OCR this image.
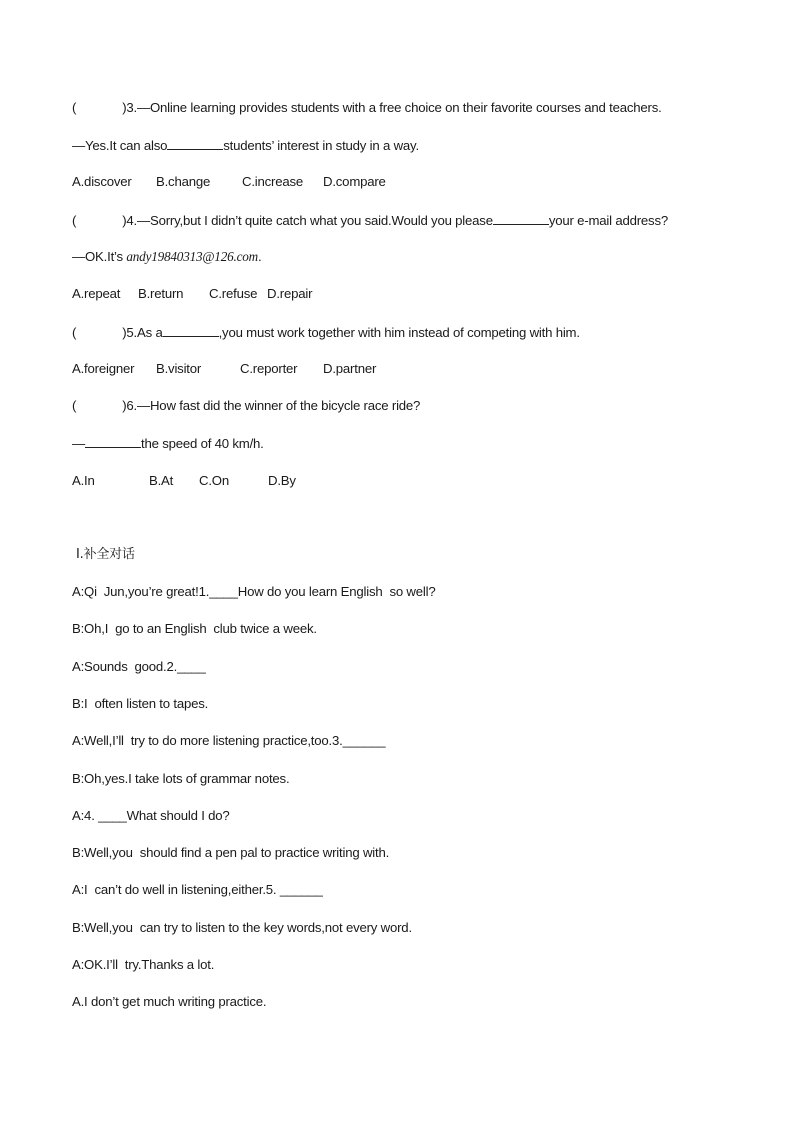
(	)3.—Online learning provides students with a free choice on their favorite courses and teachers.
—Yes.It can also	students’ interest in study in a way.
A.discover B.change C.increase D.compare
(	)4.—Sorry,but I didn’t quite catch what you said.Would you please	your e-mail address?
—OK.It’s andy19840313@126.com.
A.repeat B.return C.refuse D.repair
(	)5.As a	,you must work together with him instead of competing with him.
A.foreigner B.visitor	C.reporter D.partner
(	)6.—How fast did the winner of the bicycle race ride?
—	the speed of 40 km/h.
A.In	B.At C.On	D.By
Ⅰ.补全对话
A:Qi  Jun,you’re great!1.____How do you learn English  so well?
B:Oh,I  go to an English  club twice a week.
A:Sounds  good.2.____
B:I  often listen to tapes.
A:Well,I’ll  try to do more listening practice,too.3.______
B:Oh,yes.I take lots of grammar notes.
A:4. ____What should I do?
B:Well,you  should find a pen pal to practice writing with.
A:I  can’t do well in listening,either.5. ______
B:Well,you  can try to listen to the key words,not every word.
A:OK.I’ll  try.Thanks a lot.
A.I don’t get much writing practice.
